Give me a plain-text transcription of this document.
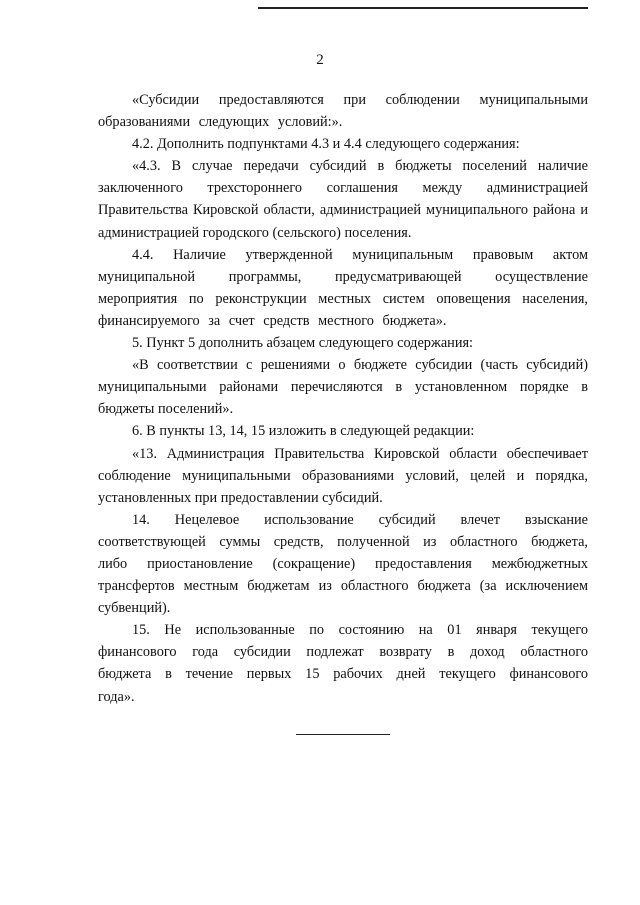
2

«Субсидии предоставляются при соблюдении муниципальными образованиями следующих условий:».

4.2. Дополнить подпунктами 4.3 и 4.4 следующего содержания:

«4.3. В случае передачи субсидий в бюджеты поселений наличие заключенного трехстороннего соглашения между администрацией Правительства Кировской области, администрацией муниципального района и администрацией городского (сельского) поселения.

4.4. Наличие утвержденной муниципальным правовым актом муниципальной программы, предусматривающей осуществление мероприятия по реконструкции местных систем оповещения населения, финансируемого за счет средств местного бюджета».

5. Пункт 5 дополнить абзацем следующего содержания:

«В соответствии с решениями о бюджете субсидии (часть субсидий) муниципальными районами перечисляются в установленном порядке в бюджеты поселений».

6. В пункты 13, 14, 15 изложить в следующей редакции:

«13. Администрация Правительства Кировской области обеспечивает соблюдение муниципальными образованиями условий, целей и порядка, установленных при предоставлении субсидий.

14. Нецелевое использование субсидий влечет взыскание соответствующей суммы средств, полученной из областного бюджета, либо приостановление (сокращение) предоставления межбюджетных трансфертов местным бюджетам из областного бюджета (за исключением субвенций).

15. Не использованные по состоянию на 01 января текущего финансового года субсидии подлежат возврату в доход областного бюджета в течение первых 15 рабочих дней текущего финансового года».
